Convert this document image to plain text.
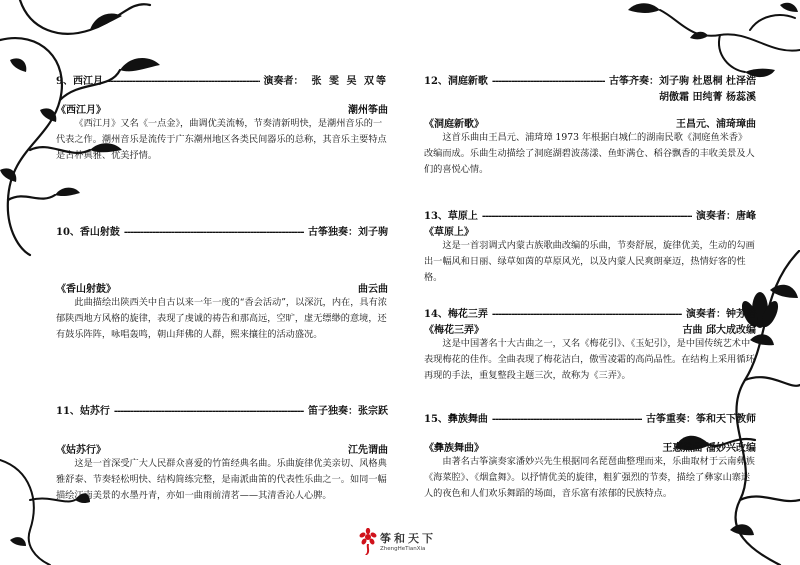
9、西江月 -----	演奏者： 张 雯 吴 双等
《西江月》	潮州筝曲

《西江月》又名《一点金》，曲调优美流畅，节奏清新明快，是潮州音乐的一代表之作。潮州音乐是流传于广东潮州地区各类民间器乐的总称，其音乐主要特点是古朴典雅、优美抒情。

10、香山射鼓 -----	古筝独奏： 刘子驹
《香山射鼓》	曲云曲

此曲描绘出陕西关中自古以来一年一度的“香会活动”，以深沉，内在，具有浓郁陕西地方风格的旋律，表现了虔诚的祷告和那高远，空旷，虚无缥缈的意境，还有鼓乐阵阵，咏唱轰鸣，朝山拜佛的人群，熙来攘往的活动盛况。

11、姑苏行 -----	笛子独奏： 张宗跃
《姑苏行》	江先谓曲

这是一首深受广大人民群众喜爱的竹笛经典名曲。乐曲旋律优美亲切、风格典雅舒泰、节奏轻松明快、结构简练完整，是南派曲笛的代表性乐曲之一。如同一幅描绘江南美景的水墨丹青，亦如一曲雨前清茗——其清香沁人心脾。

12、洞庭新歌 -----	古筝齐奏： 刘子驹 杜恩桐 杜泽浩
胡傲霜 田纯菁 杨蕊溪
《洞庭新歌》	王昌元、浦琦璋曲

这首乐曲由王昌元、浦琦璋 1973 年根据白城仁的湖南民歌《洞庭鱼米香》改编而成。乐曲生动描绘了洞庭湖碧波荡漾、鱼虾满仓、稻谷飘香的丰收美景及人们的喜悦心情。

13、草原上 -----	演奏者： 唐峰
《草原上》

这是一首羽调式内蒙古族歌曲改编的乐曲，节奏舒展，旋律优美，生动的勾画出一幅风和日丽、绿草如茵的草原风光，以及内蒙人民爽朗豪迈，热情好客的性格。

14、梅花三弄 -----	演奏者： 钟芳洁
《梅花三弄》	古曲 邱大成改编

这是中国著名十大古曲之一，又名《梅花引》、《玉妃引》，是中国传统艺术中表现梅花的佳作。全曲表现了梅花洁白，傲雪凌霜的高尚品性。在结构上采用循环再现的手法，重复整段主题三次，故称为《三弄》。

15、彝族舞曲 -----	古筝重奏： 筝和天下教师
《彝族舞曲》	王惠然曲 潘妙兴改编

由著名古筝演奏家潘妙兴先生根据同名琵琶曲整理而来，乐曲取材于云南彝族《海菜腔》、《烟盒舞》。以抒情优美的旋律，粗犷强烈的节奏，描绘了彝家山寨迷人的夜色和人们欢乐舞蹈的场面，音乐富有浓郁的民族特点。

筝和天下
ZhengHeTianXia
